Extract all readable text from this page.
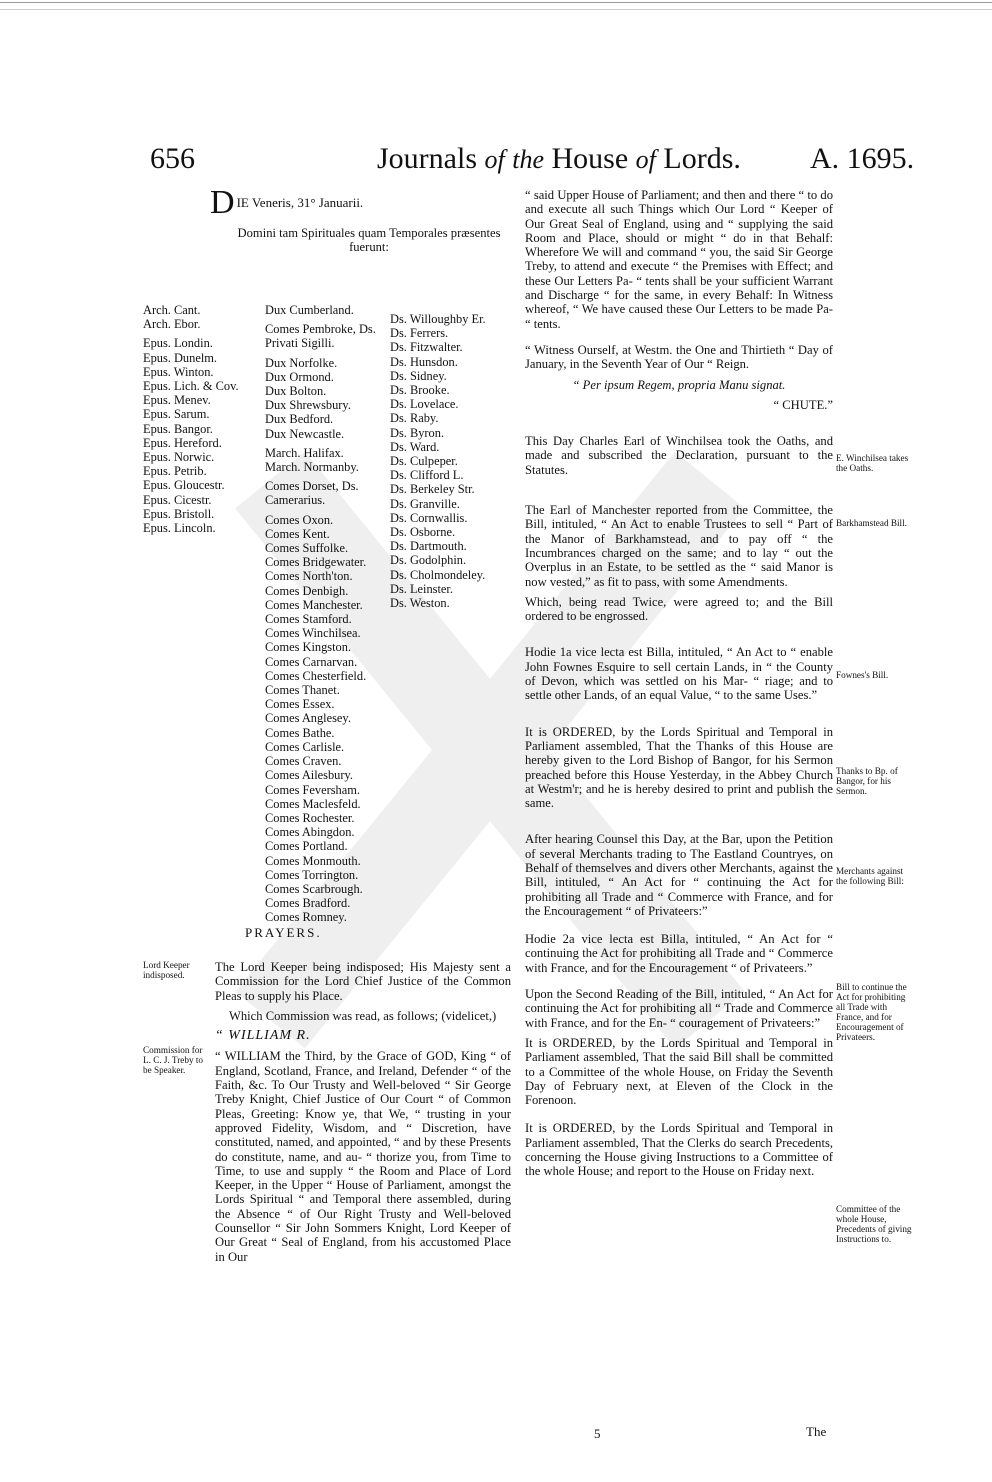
656	Journals of the House of Lords. A. 1695.
D IE Veneris, 31° Januarii.
Domini tam Spirituales quam Temporales præsentes fuerunt:
Arch. Cant.
Arch. Ebor.
Epus. Londin.
Epus. Dunelm.
Epus. Winton.
Epus. Lich. & Cov.
Epus. Menev.
Epus. Sarum.
Epus. Bangor.
Epus. Hereford.
Epus. Norwic.
Epus. Petrib.
Epus. Gloucestr.
Epus. Cicestr.
Epus. Bristoll.
Epus. Lincoln.
Dux Cumberland.
Comes Pembroke, Ds.
Privati Sigilli.
Dux Norfolke.
Dux Ormond.
Dux Bolton.
Dux Shrewsbury.
Dux Bedford.
Dux Newcastle.
March. Halifax.
March. Normanby.
Comes Dorset, Ds.
Camerarius.
Comes Oxon.
Comes Kent.
Comes Suffolke.
Comes Bridgewater.
Comes North'ton.
Comes Denbigh.
Comes Manchester.
Comes Stamford.
Comes Winchilsea.
Comes Kingston.
Comes Carnarvan.
Comes Chesterfield.
Comes Thanet.
Comes Essex.
Comes Anglesey.
Comes Bathe.
Comes Carlisle.
Comes Craven.
Comes Ailesbury.
Comes Feversham.
Comes Maclesfeld.
Comes Rochester.
Comes Abingdon.
Comes Portland.
Comes Monmouth.
Comes Torrington.
Comes Scarbrough.
Comes Bradford.
Comes Romney.
Ds. Willoughby Er.
Ds. Ferrers.
Ds. Fitzwalter.
Ds. Hunsdon.
Ds. Sidney.
Ds. Brooke.
Ds. Lovelace.
Ds. Raby.
Ds. Byron.
Ds. Ward.
Ds. Culpeper.
Ds. Clifford L.
Ds. Berkeley Str.
Ds. Granville.
Ds. Cornwallis.
Ds. Osborne.
Ds. Dartmouth.
Ds. Godolphin.
Ds. Cholmondeley.
Ds. Leinster.
Ds. Weston.
PRAYERS.

The Lord Keeper being indisposed; His Majesty sent a Commission for the Lord Chief Justice of the Common Pleas to supply his Place.

Which Commission was read, as follows; (videlicet,)

“ WILLIAM R.

“ WILLIAM the Third, by the Grace of GOD, King “ of England, Scotland, France, and Ireland, Defender “ of the Faith, &c. To Our Trusty and Well-beloved “ Sir George Treby Knight, Chief Justice of Our Court “ of Common Pleas, Greeting: Know ye, that We, “ trusting in your approved Fidelity, Wisdom, and “ Discretion, have constituted, named, and appointed, “ and by these Presents do constitute, name, and au- “ thorize you, from Time to Time, to use and supply “ the Room and Place of Lord Keeper, in the Upper “ House of Parliament, amongst the Lords Spiritual “ and Temporal there assembled, during the Absence “ of Our Right Trusty and Well-beloved Counsellor “ Sir John Sommers Knight, Lord Keeper of Our Great “ Seal of England, from his accustomed Place in Our

“ said Upper House of Parliament; and then and there “ to do and execute all such Things which Our Lord “ Keeper of Our Great Seal of England, using and “ supplying the said Room and Place, should or might “ do in that Behalf: Wherefore We will and command “ you, the said Sir George Treby, to attend and execute “ the Premises with Effect; and these Our Letters Pa- “ tents shall be your sufficient Warrant and Discharge “ for the same, in every Behalf: In Witness whereof, “ We have caused these Our Letters to be made Pa- “ tents.

“ Witness Ourself, at Westm. the One and Thirtieth “ Day of January, in the Seventh Year of Our “ Reign.

“ Per ipsum Regem, propria Manu signat.

“ CHUTE.”

This Day Charles Earl of Winchilsea took the Oaths, and made and subscribed the Declaration, pursuant to the Statutes.

The Earl of Manchester reported from the Committee, the Bill, intituled, “ An Act to enable Trustees to sell “ Part of the Manor of Barkhamstead, and to pay off “ the Incumbrances charged on the same; and to lay “ out the Overplus in an Estate, to be settled as the “ said Manor is now vested,” as fit to pass, with some Amendments.

Which, being read Twice, were agreed to; and the Bill ordered to be engrossed.

Hodie 1a vice lecta est Billa, intituled, “ An Act to “ enable John Fownes Esquire to sell certain Lands, in “ the County of Devon, which was settled on his Mar- “ riage; and to settle other Lands, of an equal Value, “ to the same Uses.”

It is ORDERED, by the Lords Spiritual and Temporal in Parliament assembled, That the Thanks of this House are hereby given to the Lord Bishop of Bangor, for his Sermon preached before this House Yesterday, in the Abbey Church at Westm'r; and he is hereby desired to print and publish the same.

After hearing Counsel this Day, at the Bar, upon the Petition of several Merchants trading to The Eastland Countryes, on Behalf of themselves and divers other Merchants, against the Bill, intituled, “ An Act for “ continuing the Act for prohibiting all Trade and “ Commerce with France, and for the Encouragement “ of Privateers:”

Hodie 2a vice lecta est Billa, intituled, “ An Act for “ continuing the Act for prohibiting all Trade and “ Commerce with France, and for the Encouragement “ of Privateers.”

Upon the Second Reading of the Bill, intituled, “ An Act for continuing the Act for prohibiting all “ Trade and Commerce with France, and for the En- “ couragement of Privateers:”

It is ORDERED, by the Lords Spiritual and Temporal in Parliament assembled, That the said Bill shall be committed to a Committee of the whole House, on Friday the Seventh Day of February next, at Eleven of the Clock in the Forenoon.

It is ORDERED, by the Lords Spiritual and Temporal in Parliament assembled, That the Clerks do search Precedents, concerning the House giving Instructions to a Committee of the whole House; and report to the House on Friday next.

Lord Keeper indisposed.
Commission for L. C. J. Treby to be Speaker.
E. Winchilsea takes the Oaths.
Barkhamstead Bill.
Fownes's Bill.
Thanks to Bp. of Bangor, for his Sermon.
Merchants against the following Bill:
Bill to continue the Act for prohibiting all Trade with France, and for Encouragement of Privateers.
Committee of the whole House, Precedents of giving Instructions to.
5	The
